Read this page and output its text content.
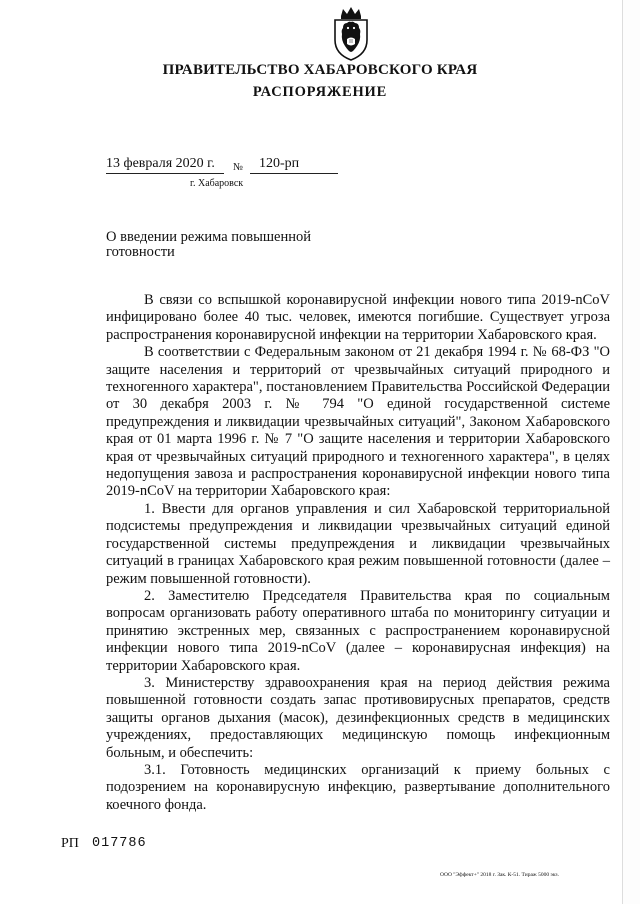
ПРАВИТЕЛЬСТВО ХАБАРОВСКОГО КРАЯ
РАСПОРЯЖЕНИЕ
13 февраля 2020 г. № 120-рп
г. Хабаровск
О введении режима повышенной
готовности

В связи со вспышкой коронавирусной инфекции нового типа 2019-nCoV инфицировано более 40 тыс. человек, имеются погибшие. Существует угроза распространения коронавирусной инфекции на территории Хабаровского края.

В соответствии с Федеральным законом от 21 декабря 1994 г. № 68-ФЗ "О защите населения и территорий от чрезвычайных ситуаций природного и техногенного характера", постановлением Правительства Российской Федерации от 30 декабря 2003 г. № 794 "О единой государственной системе предупреждения и ликвидации чрезвычайных ситуаций", Законом Хабаровского края от 01 марта 1996 г. № 7 "О защите населения и территории Хабаровского края от чрезвычайных ситуаций природного и техногенного характера", в целях недопущения завоза и распространения коронавирусной инфекции нового типа 2019-nCoV на территории Хабаровского края:

1. Ввести для органов управления и сил Хабаровской территориальной подсистемы предупреждения и ликвидации чрезвычайных ситуаций единой государственной системы предупреждения и ликвидации чрезвычайных ситуаций в границах Хабаровского края режим повышенной готовности (далее – режим повышенной готовности).

2. Заместителю Председателя Правительства края по социальным вопросам организовать работу оперативного штаба по мониторингу ситуации и принятию экстренных мер, связанных с распространением коронавирусной инфекции нового типа 2019-nCoV (далее – коронавирусная инфекция) на территории Хабаровского края.

3. Министерству здравоохранения края на период действия режима повышенной готовности создать запас противовирусных препаратов, средств защиты органов дыхания (масок), дезинфекционных средств в медицинских учреждениях, предоставляющих медицинскую помощь инфекционным больным, и обеспечить:

3.1. Готовность медицинских организаций к приему больных с подозрением на коронавирусную инфекцию, развертывание дополнительного коечного фонда.

РП 017786
ООО "Эффект+" 2018 г. Зак. К-51. Тираж 5000 экз.
